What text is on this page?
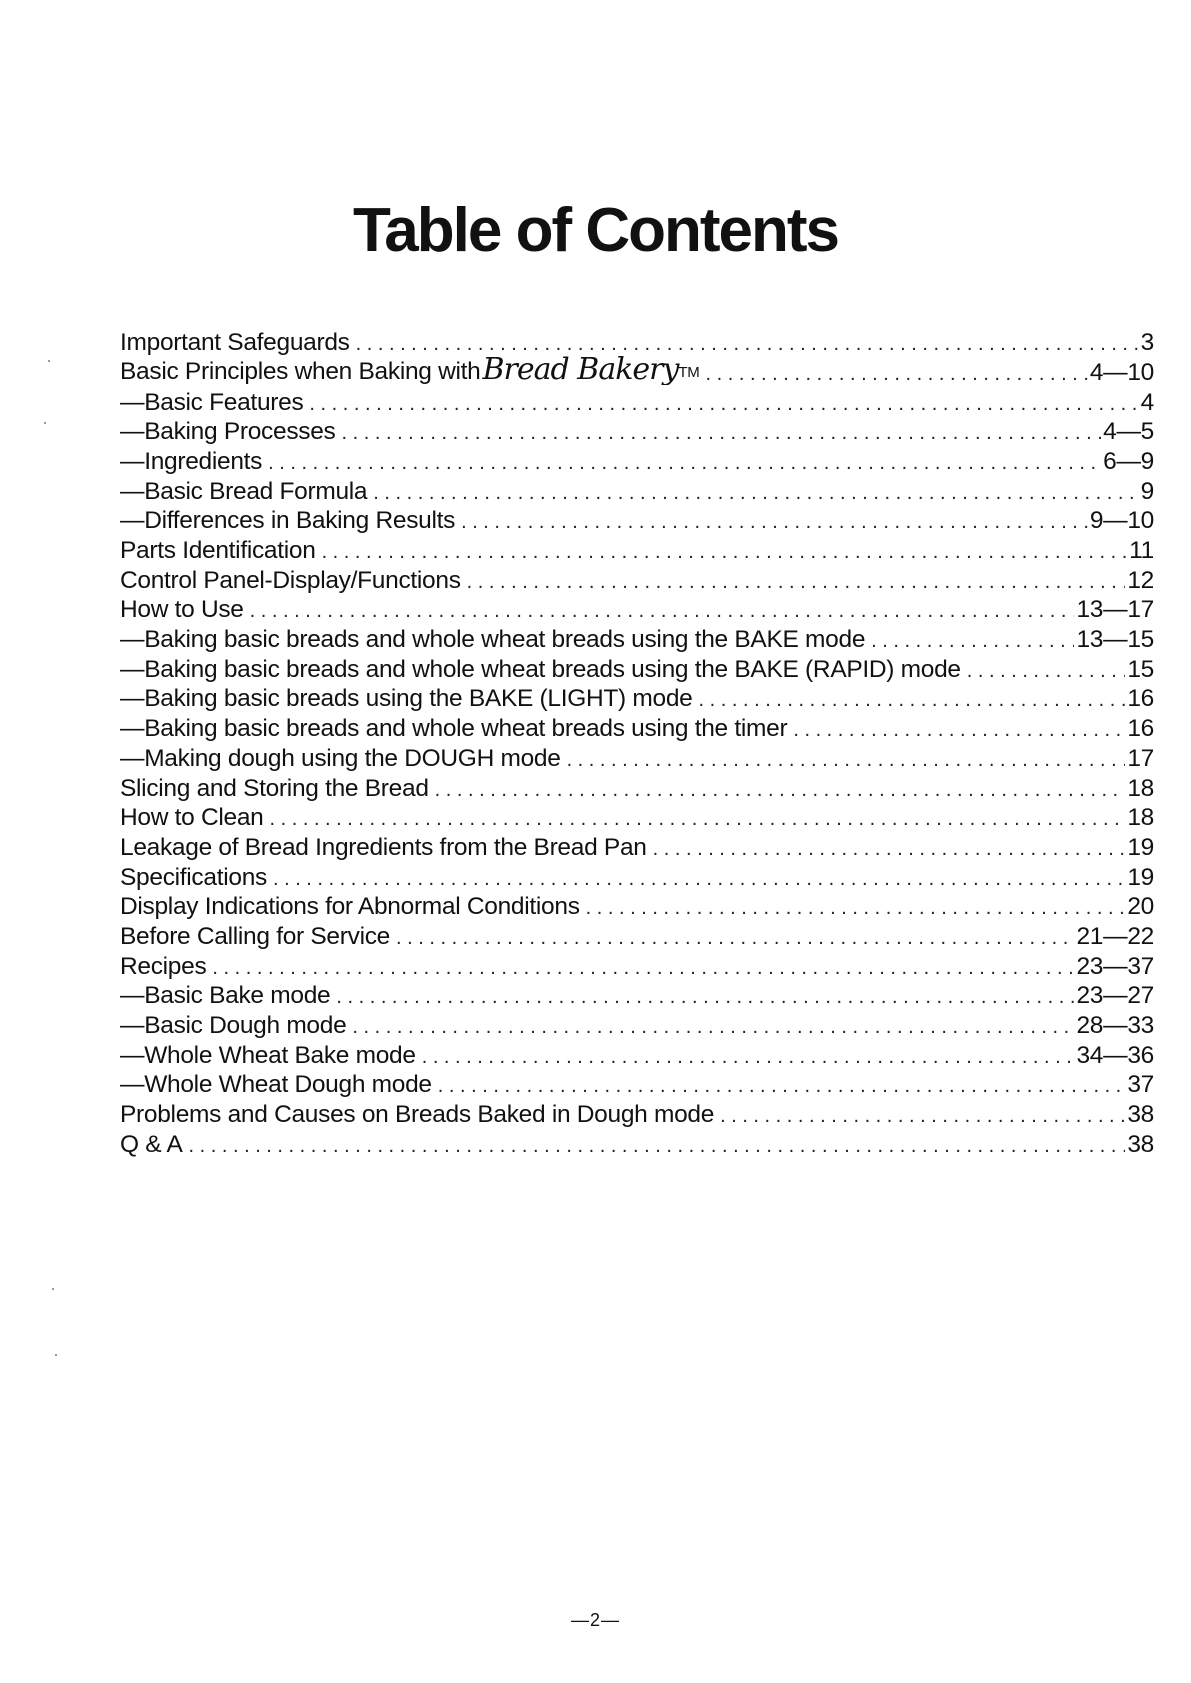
Table of Contents
Important Safeguards . . .	3
Basic Principles when Baking withBread BakeryTM . . .	4—10
—Basic Features . . .	4
—Baking Processes . . .	4—5
—Ingredients . . .	6—9
—Basic Bread Formula . . .	9
—Differences in Baking Results . . .	9—10
Parts Identification . . .	11
Control Panel-Display/Functions . . .	12
How to Use . . .	13—17
—Baking basic breads and whole wheat breads using the BAKE mode . . .	13—15
—Baking basic breads and whole wheat breads using the BAKE (RAPID) mode . . .	15
—Baking basic breads using the BAKE (LIGHT) mode . . .	16
—Baking basic breads and whole wheat breads using the timer . . .	16
—Making dough using the DOUGH mode . . .	17
Slicing and Storing the Bread . . .	18
How to Clean . . .	18
Leakage of Bread Ingredients from the Bread Pan . . .	19
Specifications . . .	19
Display Indications for Abnormal Conditions . . .	20
Before Calling for Service . . .	21—22
Recipes . . .	23—37
—Basic Bake mode . . .	23—27
—Basic Dough mode . . .	28—33
—Whole Wheat Bake mode . . .	34—36
—Whole Wheat Dough mode . . .	37
Problems and Causes on Breads Baked in Dough mode . . .	38
Q & A . . .	38
—2—
